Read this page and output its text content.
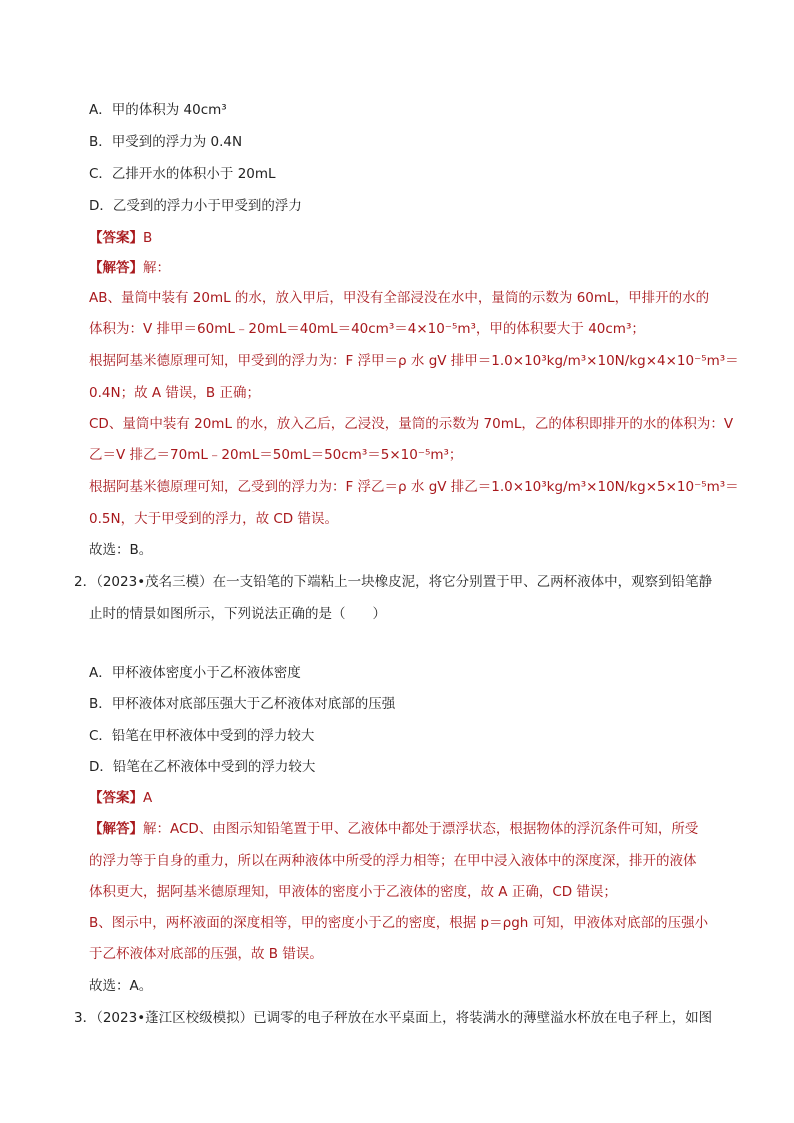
A．甲的体积为 40cm³
B．甲受到的浮力为 0.4N
C．乙排开水的体积小于 20mL
D．乙受到的浮力小于甲受到的浮力
【答案】B
【解答】解：
AB、量筒中装有 20mL 的水，放入甲后，甲没有全部浸没在水中，量筒的示数为 60mL，甲排开的水的
体积为：V 排甲＝60mL﹣20mL＝40mL＝40cm³＝4×10⁻⁵m³，甲的体积要大于 40cm³；
根据阿基米德原理可知，甲受到的浮力为：F 浮甲＝ρ 水 gV 排甲＝1.0×10³kg/m³×10N/kg×4×10⁻⁵m³＝
0.4N；故 A 错误，B 正确；
CD、量筒中装有 20mL 的水，放入乙后，乙浸没，量筒的示数为 70mL，乙的体积即排开的水的体积为：V
乙＝V 排乙＝70mL﹣20mL＝50mL＝50cm³＝5×10⁻⁵m³；
根据阿基米德原理可知，乙受到的浮力为：F 浮乙＝ρ 水 gV 排乙＝1.0×10³kg/m³×10N/kg×5×10⁻⁵m³＝
0.5N，大于甲受到的浮力，故 CD 错误。
故选：B。
2．（2023•茂名三模）在一支铅笔的下端粘上一块橡皮泥，将它分别置于甲、乙两杯液体中，观察到铅笔静
止时的情景如图所示，下列说法正确的是（　　）
A．甲杯液体密度小于乙杯液体密度
B．甲杯液体对底部压强大于乙杯液体对底部的压强
C．铅笔在甲杯液体中受到的浮力较大
D．铅笔在乙杯液体中受到的浮力较大
【答案】A
【解答】解：ACD、由图示知铅笔置于甲、乙液体中都处于漂浮状态，根据物体的浮沉条件可知，所受
的浮力等于自身的重力，所以在两种液体中所受的浮力相等；在甲中浸入液体中的深度深，排开的液体
体积更大，据阿基米德原理知，甲液体的密度小于乙液体的密度，故 A 正确，CD 错误；
B、图示中，两杯液面的深度相等，甲的密度小于乙的密度，根据 p＝ρgh 可知，甲液体对底部的压强小
于乙杯液体对底部的压强，故 B 错误。
故选：A。
3．（2023•蓬江区校级模拟）已调零的电子秤放在水平桌面上，将装满水的薄壁溢水杯放在电子秤上，如图
